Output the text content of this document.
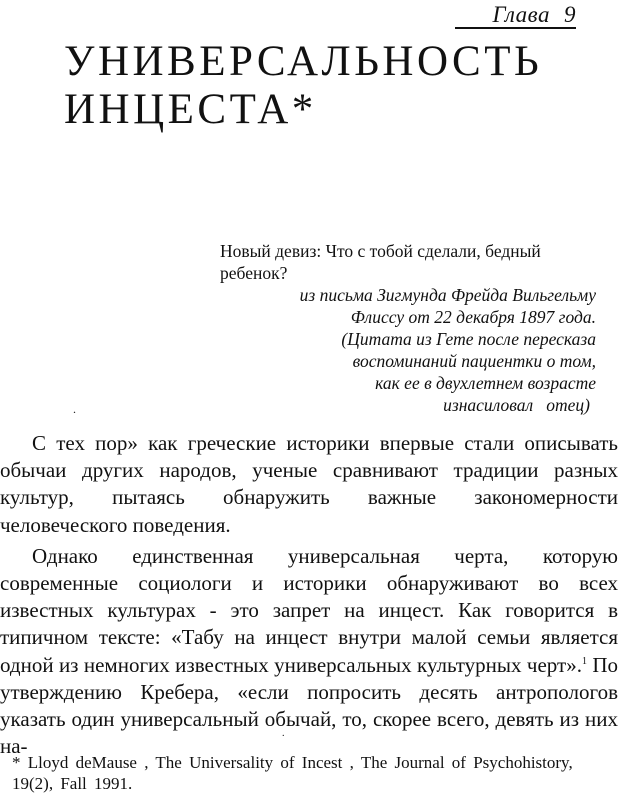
Глава 9
УНИВЕРСАЛЬНОСТЬ
ИНЦЕСТА*
Новый девиз: Что с тобой сделали, бедный ребенок?
из письма Зигмунда Фрейда Вильгельму
Флиссу от 22 декабря 1897 года.
(Цитата из Гете после пересказа
воспоминаний пациентки о том,
как ее в двухлетнем возрасте
изнасиловал   отец)
.

С тех пор» как греческие историки впервые стали описывать обычаи других народов, ученые сравнивают традиции разных культур, пытаясь обнаружить важные закономерности человеческого поведения.

Однако единственная универсальная черта, которую современные социологи и историки обнаруживают во всех известных культурах - это запрет на инцест. Как говорится в типичном тексте: «Табу на инцест внутри малой семьи является одной из немногих известных универсальных культурных черт».$^1$ По утверждению Кребера, «если попросить десять антропологов указать один универсальный обычай, то, скорее всего, девять из них на-

.
* Lloyd deMause , The Universality of Incest , The Journal of Psychohistory, 19(2), Fall 1991.
